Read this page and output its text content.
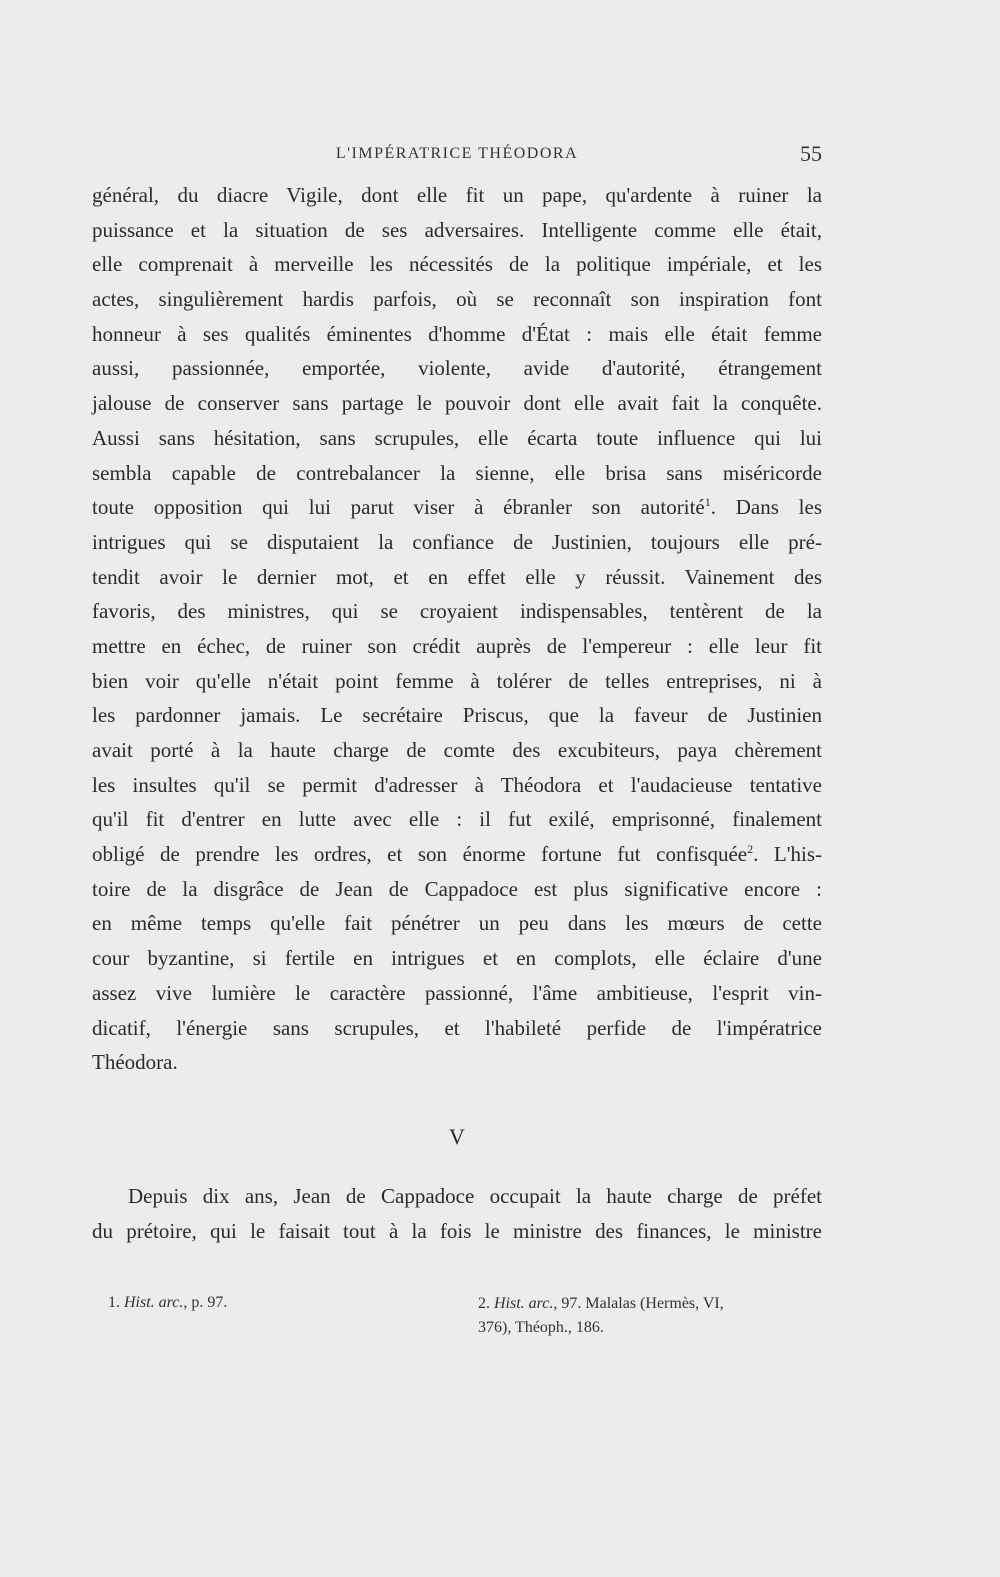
L'IMPÉRATRICE THÉODORA	55
général, du diacre Vigile, dont elle fit un pape, qu'ardente à ruiner la
puissance et la situation de ses adversaires. Intelligente comme elle était,
elle comprenait à merveille les nécessités de la politique impériale, et les
actes, singulièrement hardis parfois, où se reconnaît son inspiration font
honneur à ses qualités éminentes d'homme d'État : mais elle était femme
aussi, passionnée, emportée, violente, avide d'autorité, étrangement
jalouse de conserver sans partage le pouvoir dont elle avait fait la conquête.
Aussi sans hésitation, sans scrupules, elle écarta toute influence qui lui
sembla capable de contrebalancer la sienne, elle brisa sans miséricorde
toute opposition qui lui parut viser à ébranler son autorité$^1$. Dans les
intrigues qui se disputaient la confiance de Justinien, toujours elle pré-
tendit avoir le dernier mot, et en effet elle y réussit. Vainement des
favoris, des ministres, qui se croyaient indispensables, tentèrent de la
mettre en échec, de ruiner son crédit auprès de l'empereur : elle leur fit
bien voir qu'elle n'était point femme à tolérer de telles entreprises, ni à
les pardonner jamais. Le secrétaire Priscus, que la faveur de Justinien
avait porté à la haute charge de comte des excubiteurs, paya chèrement
les insultes qu'il se permit d'adresser à Théodora et l'audacieuse tentative
qu'il fit d'entrer en lutte avec elle : il fut exilé, emprisonné, finalement
obligé de prendre les ordres, et son énorme fortune fut confisquée$^2$. L'his-
toire de la disgrâce de Jean de Cappadoce est plus significative encore :
en même temps qu'elle fait pénétrer un peu dans les mœurs de cette
cour byzantine, si fertile en intrigues et en complots, elle éclaire d'une
assez vive lumière le caractère passionné, l'âme ambitieuse, l'esprit vin-
dicatif, l'énergie sans scrupules, et l'habileté perfide de l'impératrice
Théodora.
V
Depuis dix ans, Jean de Cappadoce occupait la haute charge de préfet
du prétoire, qui le faisait tout à la fois le ministre des finances, le ministre
1. Hist. arc., p. 97.	2. Hist. arc., 97. Malalas (Hermès, VI,
376), Théoph., 186.
